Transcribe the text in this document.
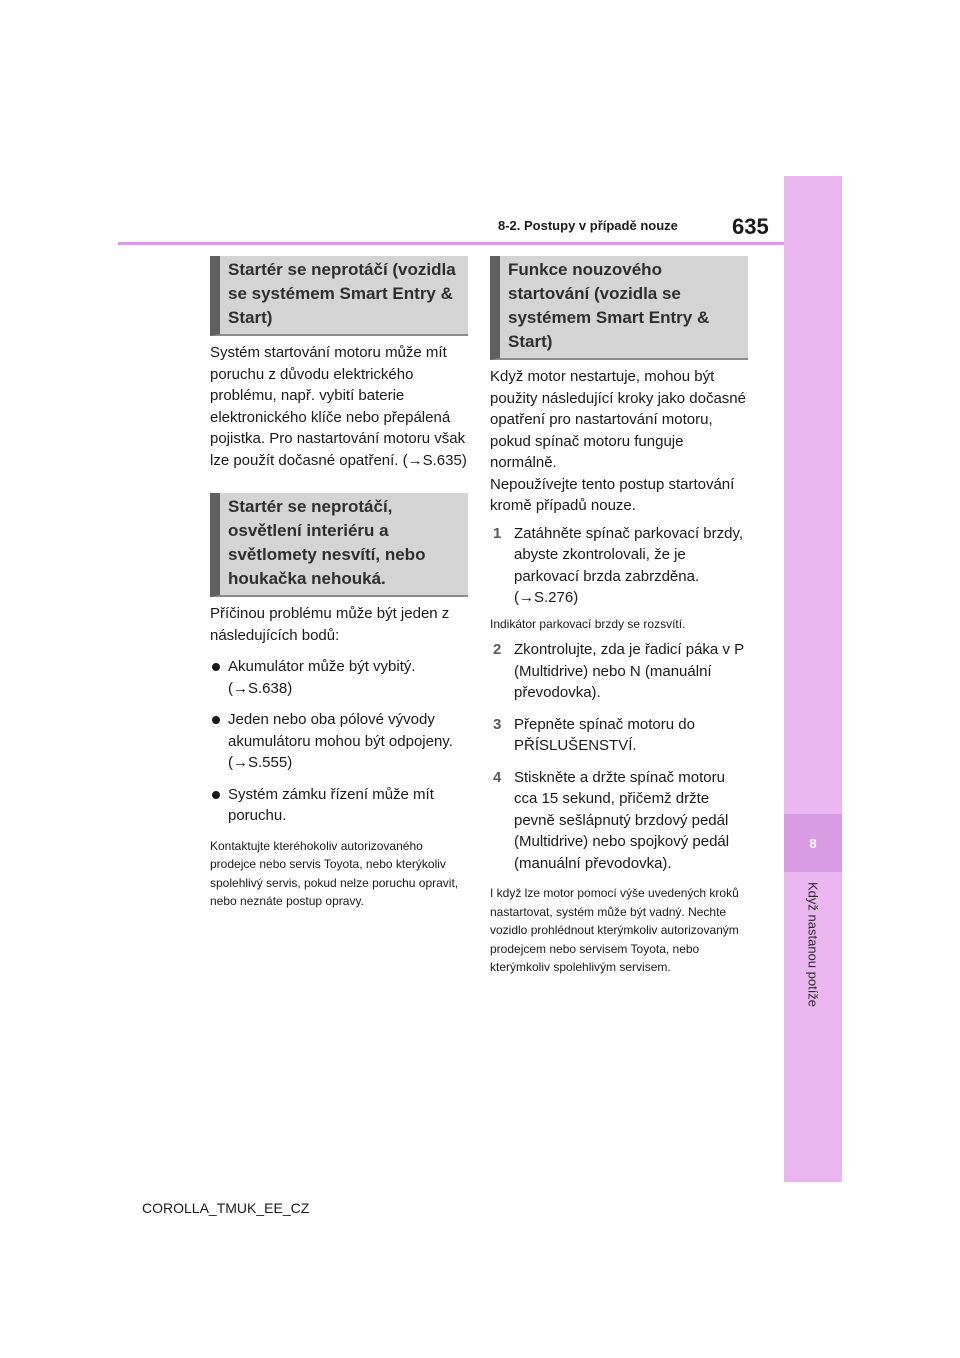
8
Když nastanou potíže
8-2. Postupy v případě nouze 635
Startér se neprotáčí (vozidla se systémem Smart Entry & Start)

Systém startování motoru může mít poruchu z důvodu elektrického problému, např. vybití baterie elektronického klíče nebo přepálená pojistka. Pro nastartování motoru však lze použít dočasné opatření. (→S.635)

Startér se neprotáčí, osvětlení interiéru a světlomety nesvítí, nebo houkačka nehouká.

Příčinou problému může být jeden z následujících bodů:

Akumulátor může být vybitý. (→S.638)
Jeden nebo oba pólové vývody akumulátoru mohou být odpojeny. (→S.555)
Systém zámku řízení může mít poruchu.

Kontaktujte kteréhokoliv autorizovaného prodejce nebo servis Toyota, nebo kterýkoliv spolehlivý servis, pokud nelze poruchu opravit, nebo neznáte postup opravy.

Funkce nouzového startování (vozidla se systémem Smart Entry & Start)

Když motor nestartuje, mohou být použity následující kroky jako dočasné opatření pro nastartování motoru, pokud spínač motoru funguje normálně.

Nepoužívejte tento postup startování kromě případů nouze.

1 Zatáhněte spínač parkovací brzdy, abyste zkontrolovali, že je parkovací brzda zabrzděna. (→S.276)

Indikátor parkovací brzdy se rozsvítí.

2 Zkontrolujte, zda je řadicí páka v P (Multidrive) nebo N (manuální převodovka).
3 Přepněte spínač motoru do PŘÍSLUŠENSTVÍ.
4 Stiskněte a držte spínač motoru cca 15 sekund, přičemž držte pevně sešlápnutý brzdový pedál (Multidrive) nebo spojkový pedál (manuální převodovka).

I když lze motor pomocí výše uvedených kroků nastartovat, systém může být vadný. Nechte vozidlo prohlédnout kterýmkoliv autorizovaným prodejcem nebo servisem Toyota, nebo kterýmkoliv spolehlivým servisem.

COROLLA_TMUK_EE_CZ
